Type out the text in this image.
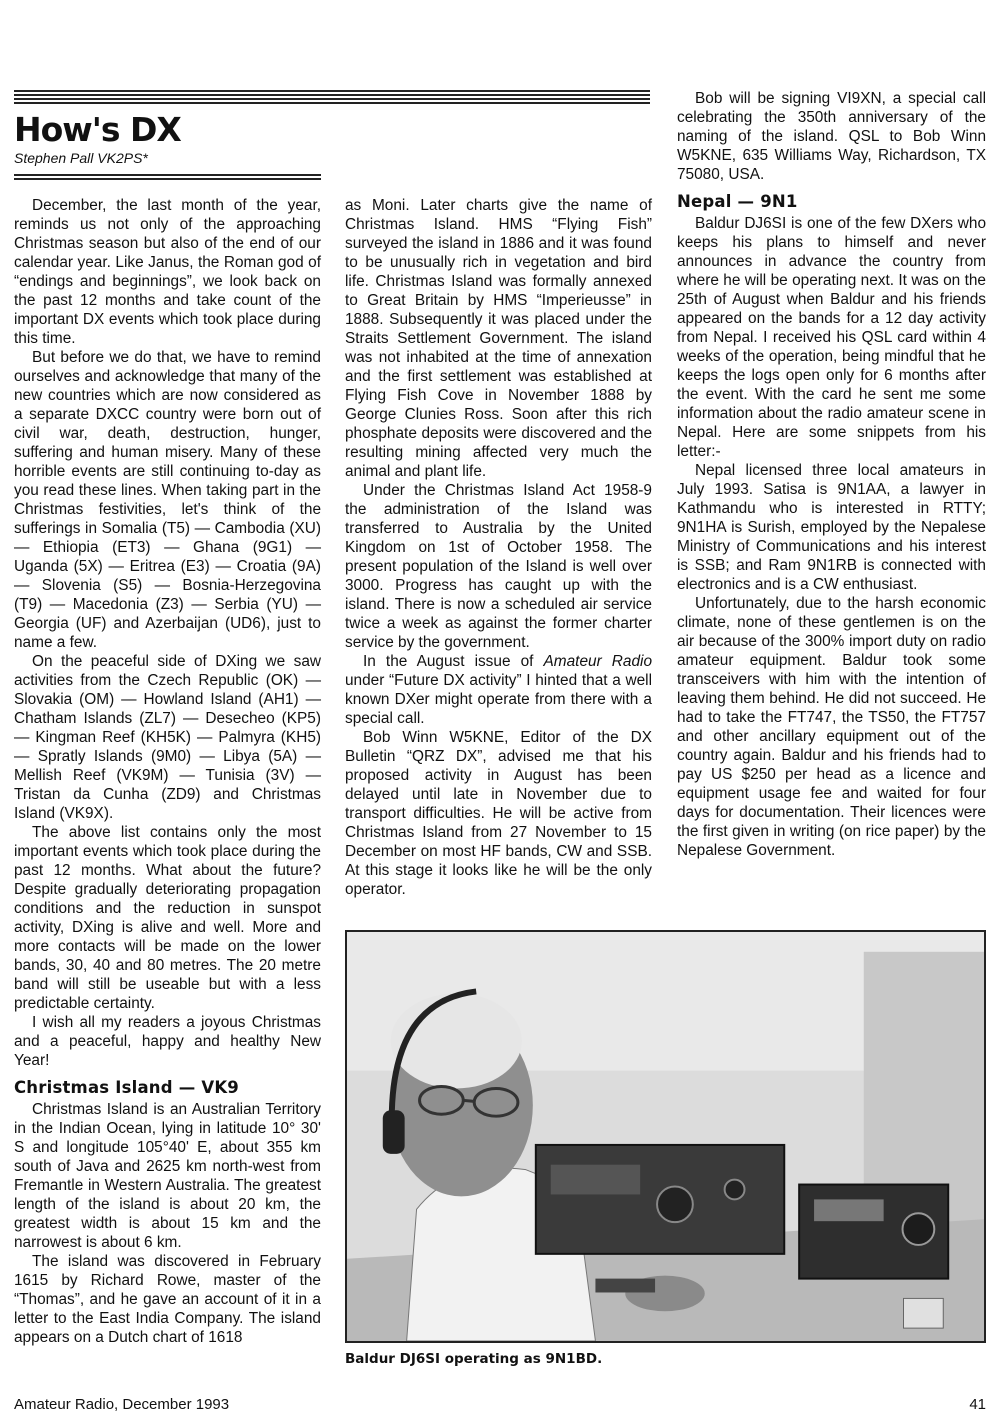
How's DX
Stephen Pall VK2PS*

December, the last month of the year, reminds us not only of the approaching Christmas season but also of the end of our calendar year. Like Janus, the Roman god of “endings and beginnings”, we look back on the past 12 months and take count of the important DX events which took place during this time.

But before we do that, we have to remind ourselves and acknowledge that many of the new countries which are now considered as a separate DXCC country were born out of civil war, death, destruction, hunger, suffering and human misery. Many of these horrible events are still continuing to-day as you read these lines. When taking part in the Christmas festivities, let's think of the sufferings in Somalia (T5) — Cambodia (XU) — Ethiopia (ET3) — Ghana (9G1) — Uganda (5X) — Eritrea (E3) — Croatia (9A) — Slovenia (S5) — Bosnia-Herzegovina (T9) — Macedonia (Z3) — Serbia (YU) — Georgia (UF) and Azerbaijan (UD6), just to name a few.

On the peaceful side of DXing we saw activities from the Czech Republic (OK) — Slovakia (OM) — Howland Island (AH1) — Chatham Islands (ZL7) — Desecheo (KP5) — Kingman Reef (KH5K) — Palmyra (KH5) — Spratly Islands (9M0) — Libya (5A) — Mellish Reef (VK9M) — Tunisia (3V) — Tristan da Cunha (ZD9) and Christmas Island (VK9X).

The above list contains only the most important events which took place during the past 12 months. What about the future? Despite gradually deteriorating propagation conditions and the reduction in sunspot activity, DXing is alive and well. More and more contacts will be made on the lower bands, 30, 40 and 80 metres. The 20 metre band will still be useable but with a less predictable certainty.

I wish all my readers a joyous Christmas and a peaceful, happy and healthy New Year!

Christmas Island — VK9

Christmas Island is an Australian Territory in the Indian Ocean, lying in latitude 10° 30' S and longitude 105°40' E, about 355 km south of Java and 2625 km north-west from Fremantle in Western Australia. The greatest length of the island is about 20 km, the greatest width is about 15 km and the narrowest is about 6 km.

The island was discovered in February 1615 by Richard Rowe, master of the “Thomas”, and he gave an account of it in a letter to the East India Company. The island appears on a Dutch chart of 1618

as Moni. Later charts give the name of Christmas Island. HMS “Flying Fish” surveyed the island in 1886 and it was found to be unusually rich in vegetation and bird life. Christmas Island was formally annexed to Great Britain by HMS “Imperieusse” in 1888. Subsequently it was placed under the Straits Settlement Government. The island was not inhabited at the time of annexation and the first settlement was established at Flying Fish Cove in November 1888 by George Clunies Ross. Soon after this rich phosphate deposits were discovered and the resulting mining affected very much the animal and plant life.

Under the Christmas Island Act 1958-9 the administration of the Island was transferred to Australia by the United Kingdom on 1st of October 1958. The present population of the Island is well over 3000. Progress has caught up with the island. There is now a scheduled air service twice a week as against the former charter service by the government.

In the August issue of Amateur Radio under “Future DX activity” I hinted that a well known DXer might operate from there with a special call.

Bob Winn W5KNE, Editor of the DX Bulletin “QRZ DX”, advised me that his proposed activity in August has been delayed until late in November due to transport difficulties. He will be active from Christmas Island from 27 November to 15 December on most HF bands, CW and SSB. At this stage it looks like he will be the only operator.

Bob will be signing VI9XN, a special call celebrating the 350th anniversary of the naming of the island. QSL to Bob Winn W5KNE, 635 Williams Way, Richardson, TX 75080, USA.

Nepal — 9N1

Baldur DJ6SI is one of the few DXers who keeps his plans to himself and never announces in advance the country from where he will be operating next. It was on the 25th of August when Baldur and his friends appeared on the bands for a 12 day activity from Nepal. I received his QSL card within 4 weeks of the operation, being mindful that he keeps the logs open only for 6 months after the event. With the card he sent me some information about the radio amateur scene in Nepal. Here are some snippets from his letter:-

Nepal licensed three local amateurs in July 1993. Satisa is 9N1AA, a lawyer in Kathmandu who is interested in RTTY; 9N1HA is Surish, employed by the Nepalese Ministry of Communications and his interest is SSB; and Ram 9N1RB is connected with electronics and is a CW enthusiast.

Unfortunately, due to the harsh economic climate, none of these gentlemen is on the air because of the 300% import duty on radio amateur equipment. Baldur took some transceivers with him with the intention of leaving them behind. He did not succeed. He had to take the FT747, the TS50, the FT757 and other ancillary equipment out of the country again. Baldur and his friends had to pay US $250 per head as a licence and equipment usage fee and waited for four days for documentation. Their licences were the first given in writing (on rice paper) by the Nepalese Government.

Baldur DJ6SI operating as 9N1BD.
Amateur Radio, December 1993	41
